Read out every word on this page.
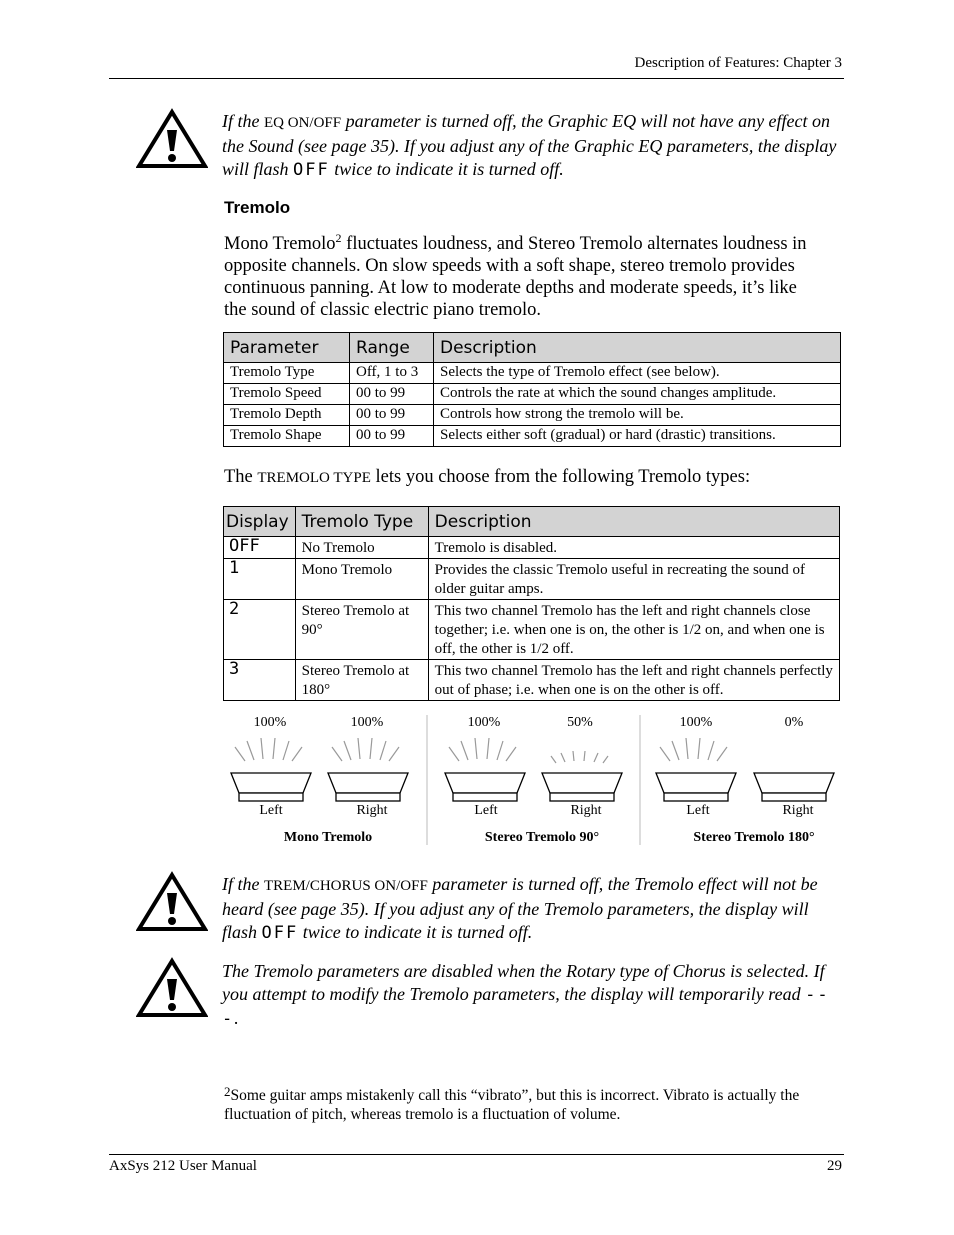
Description of Features: Chapter 3
If the EQ ON/OFF parameter is turned off, the Graphic EQ will not have any effect on the Sound (see page 35). If you adjust any of the Graphic EQ parameters, the display will flash OFF twice to indicate it is turned off.
Tremolo
Mono Tremolo$^2$ fluctuates loudness, and Stereo Tremolo alternates loudness in opposite channels. On slow speeds with a soft shape, stereo tremolo provides continuous panning. At low to moderate depths and moderate speeds, it’s like the sound of classic electric piano tremolo.
Parameter	Range	Description
Tremolo Type	Off, 1 to 3	Selects the type of Tremolo effect (see below).
Tremolo Speed	00 to 99	Controls the rate at which the sound changes amplitude.
Tremolo Depth	00 to 99	Controls how strong the tremolo will be.
Tremolo Shape	00 to 99	Selects either soft (gradual) or hard (drastic) transitions.
The TREMOLO TYPE lets you choose from the following Tremolo types:
Display	Tremolo Type	Description
OFF	No Tremolo	Tremolo is disabled.
1	Mono Tremolo	Provides the classic Tremolo useful in recreating the sound of older guitar amps.
2	Stereo Tremolo at 90°	This two channel Tremolo has the left and right channels close together; i.e. when one is on, the other is 1/2 on, and when one is off, the other is 1/2 off.
3	Stereo Tremolo at 180°	This two channel Tremolo has the left and right channels perfectly out of phase; i.e. when one is on the other is off.
100%	100%	100%	50%	100%	0%
Left	Right	Left	Right	Left	Right
Mono Tremolo	Stereo Tremolo 90°	Stereo Tremolo 180°
If the TREM/CHORUS ON/OFF parameter is turned off, the Tremolo effect will not be heard (see page 35). If you adjust any of the Tremolo parameters, the display will flash OFF twice to indicate it is turned off.
The Tremolo parameters are disabled when the Rotary type of Chorus is selected. If you attempt to modify the Tremolo parameters, the display will temporarily read ---.
$^2$Some guitar amps mistakenly call this “vibrato”, but this is incorrect. Vibrato is actually the fluctuation of pitch, whereas tremolo is a fluctuation of volume.
AxSys 212 User Manual	29
